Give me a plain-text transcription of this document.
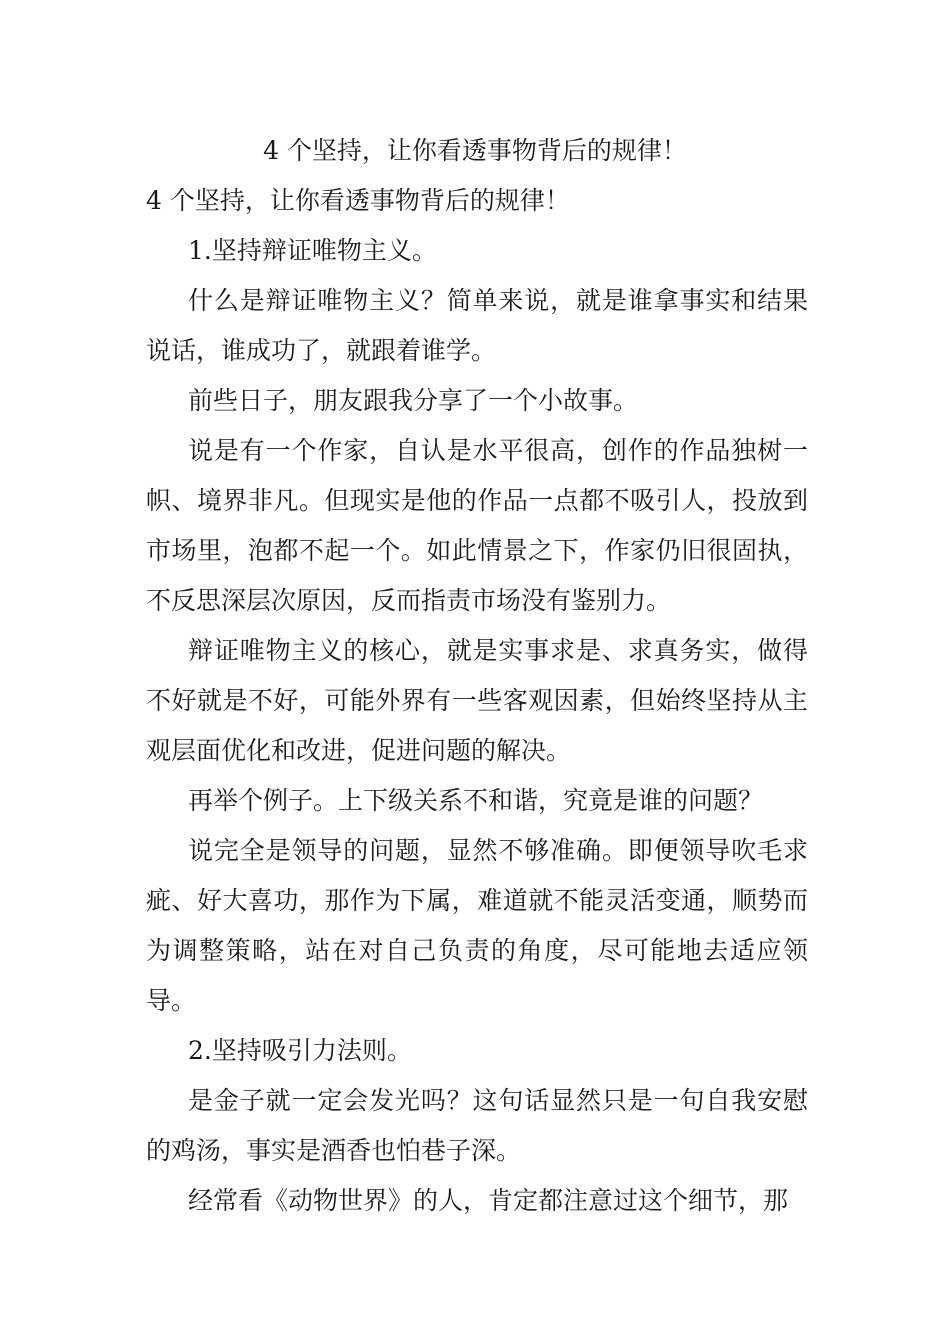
4 个坚持，让你看透事物背后的规律！

4 个坚持，让你看透事物背后的规律！

1.坚持辩证唯物主义。

什么是辩证唯物主义？简单来说，就是谁拿事实和结果说话，谁成功了，就跟着谁学。

前些日子，朋友跟我分享了一个小故事。

说是有一个作家，自认是水平很高，创作的作品独树一帜、境界非凡。但现实是他的作品一点都不吸引人，投放到市场里，泡都不起一个。如此情景之下，作家仍旧很固执，不反思深层次原因，反而指责市场没有鉴别力。

辩证唯物主义的核心，就是实事求是、求真务实，做得不好就是不好，可能外界有一些客观因素，但始终坚持从主观层面优化和改进，促进问题的解决。

再举个例子。上下级关系不和谐，究竟是谁的问题？

说完全是领导的问题，显然不够准确。即便领导吹毛求疵、好大喜功，那作为下属，难道就不能灵活变通，顺势而为调整策略，站在对自己负责的角度，尽可能地去适应领导。

2.坚持吸引力法则。

是金子就一定会发光吗？这句话显然只是一句自我安慰的鸡汤，事实是酒香也怕巷子深。

经常看《动物世界》的人，肯定都注意过这个细节，那
